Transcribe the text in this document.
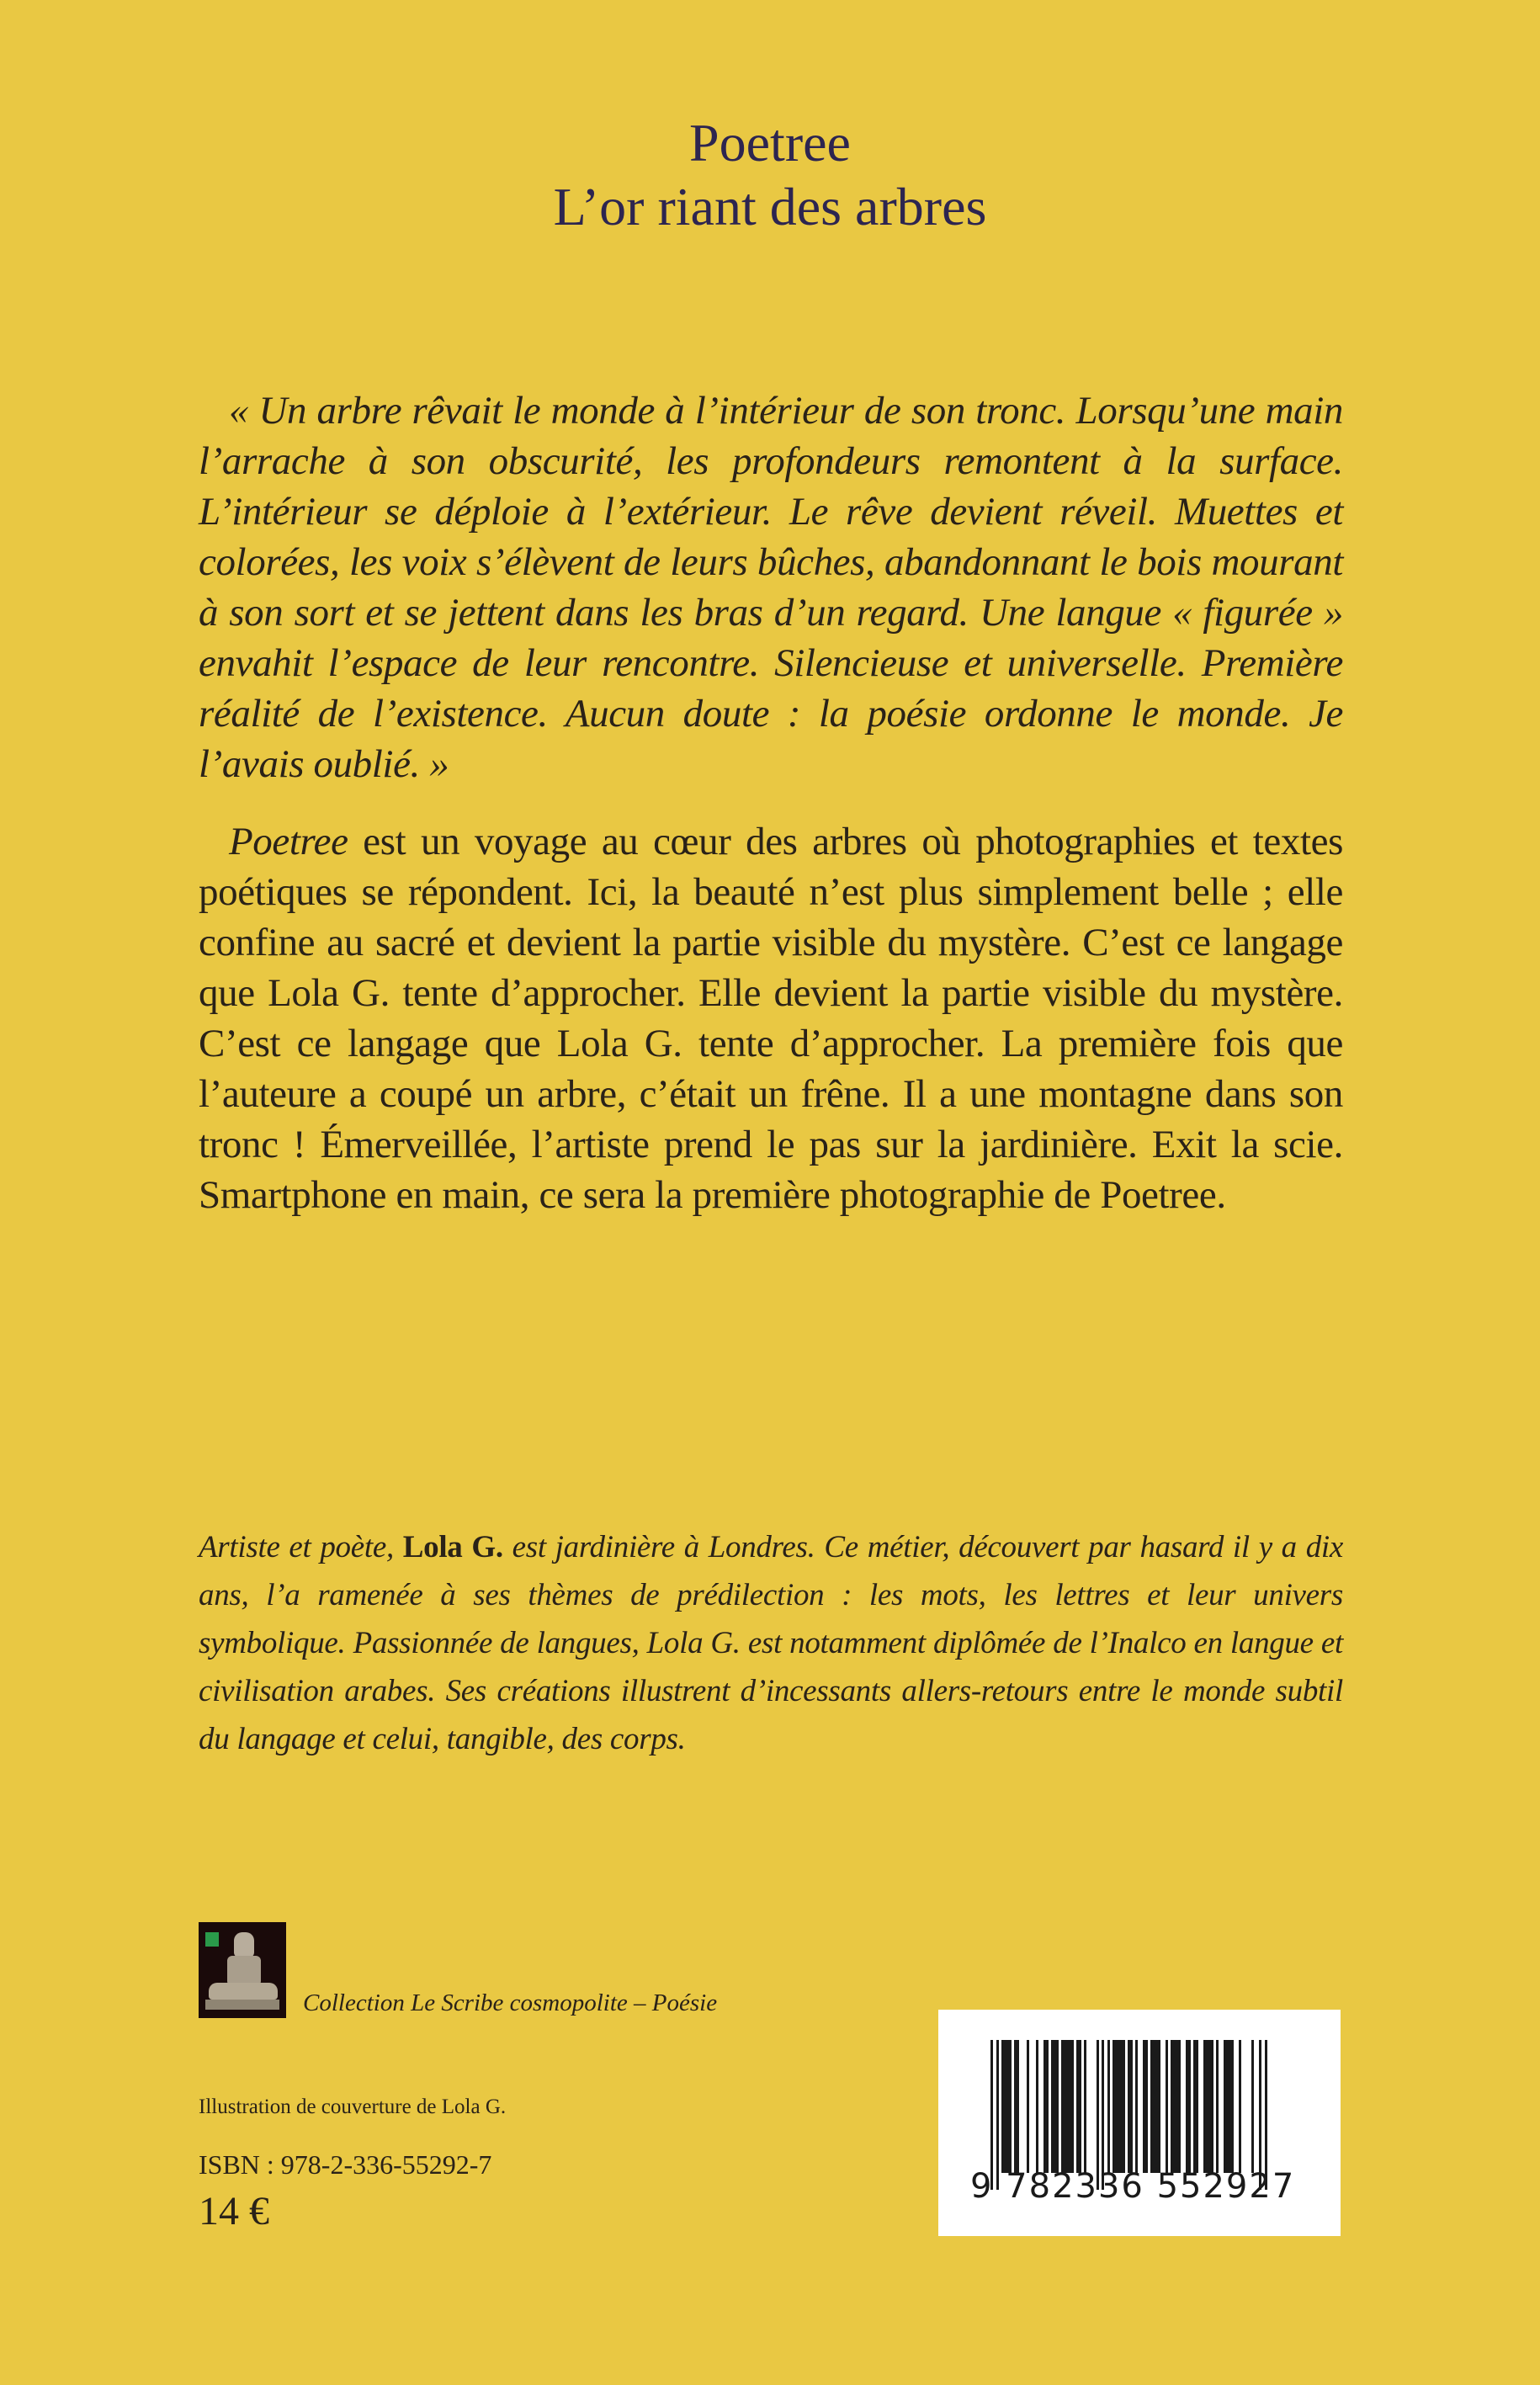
Poetree
L’or riant des arbres

« Un arbre rêvait le monde à l’intérieur de son tronc. Lorsqu’une main l’arrache à son obscurité, les profondeurs remontent à la surface. L’intérieur se déploie à l’extérieur. Le rêve devient réveil. Muettes et colorées, les voix s’élèvent de leurs bûches, abandonnant le bois mourant à son sort et se jettent dans les bras d’un regard. Une langue « figurée » envahit l’espace de leur rencontre. Silencieuse et universelle. Première réalité de l’existence. Aucun doute : la poésie ordonne le monde. Je l’avais oublié. »

Poetree est un voyage au cœur des arbres où photographies et textes poétiques se répondent. Ici, la beauté n’est plus simplement belle ; elle confine au sacré et devient la partie visible du mystère. C’est ce langage que Lola G. tente d’approcher. Elle devient la partie visible du mystère. C’est ce langage que Lola G. tente d’approcher. La première fois que l’auteure a coupé un arbre, c’était un frêne. Il a une montagne dans son tronc ! Émerveillée, l’artiste prend le pas sur la jardinière. Exit la scie. Smartphone en main, ce sera la première photographie de Poetree.

Artiste et poète, Lola G. est jardinière à Londres. Ce métier, découvert par hasard il y a dix ans, l’a ramenée à ses thèmes de prédilection : les mots, les lettres et leur univers symbolique. Passionnée de langues, Lola G. est notamment diplômée de l’Inalco en langue et civilisation arabes. Ses créations illustrent d’incessants allers-retours entre le monde subtil du langage et celui, tangible, des corps.

Collection Le Scribe cosmopolite – Poésie
Illustration de couverture de Lola G.
ISBN : 978-2-336-55292-7
14 €
9 782336 552927
